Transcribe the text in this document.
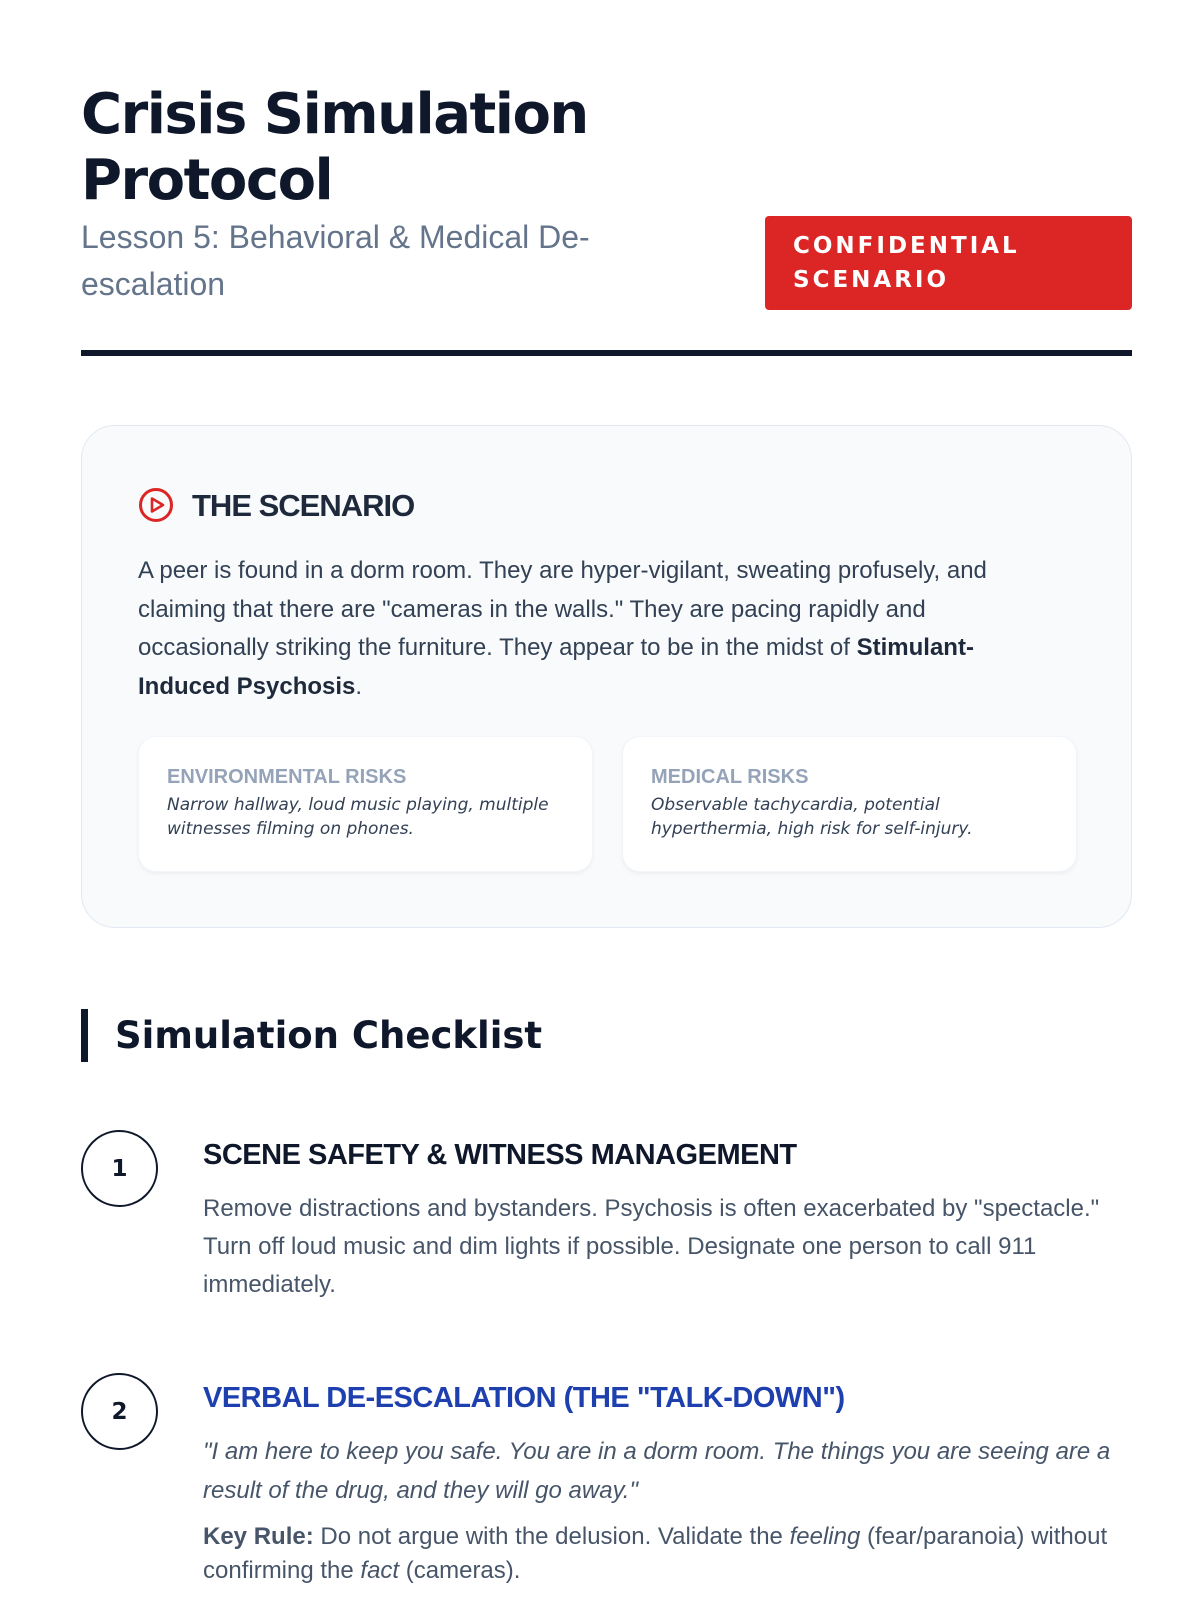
Crisis Simulation Protocol

Lesson 5: Behavioral & Medical De-escalation

CONFIDENTIAL
SCENARIO
THE SCENARIO

A peer is found in a dorm room. They are hyper-vigilant, sweating profusely, and claiming that there are "cameras in the walls." They are pacing rapidly and occasionally striking the furniture. They appear to be in the midst of Stimulant-Induced Psychosis.

ENVIRONMENTAL RISKS

Narrow hallway, loud music playing, multiple witnesses filming on phones.

MEDICAL RISKS

Observable tachycardia, potential hyperthermia, high risk for self-injury.

Simulation Checklist
1	SCENE SAFETY & WITNESS MANAGEMENT

Remove distractions and bystanders. Psychosis is often exacerbated by "spectacle." Turn off loud music and dim lights if possible. Designate one person to call 911 immediately.

2	VERBAL DE-ESCALATION (THE "TALK-DOWN")

"I am here to keep you safe. You are in a dorm room. The things you are seeing are a result of the drug, and they will go away."

Key Rule: Do not argue with the delusion. Validate the feeling (fear/paranoia) without confirming the fact (cameras).
